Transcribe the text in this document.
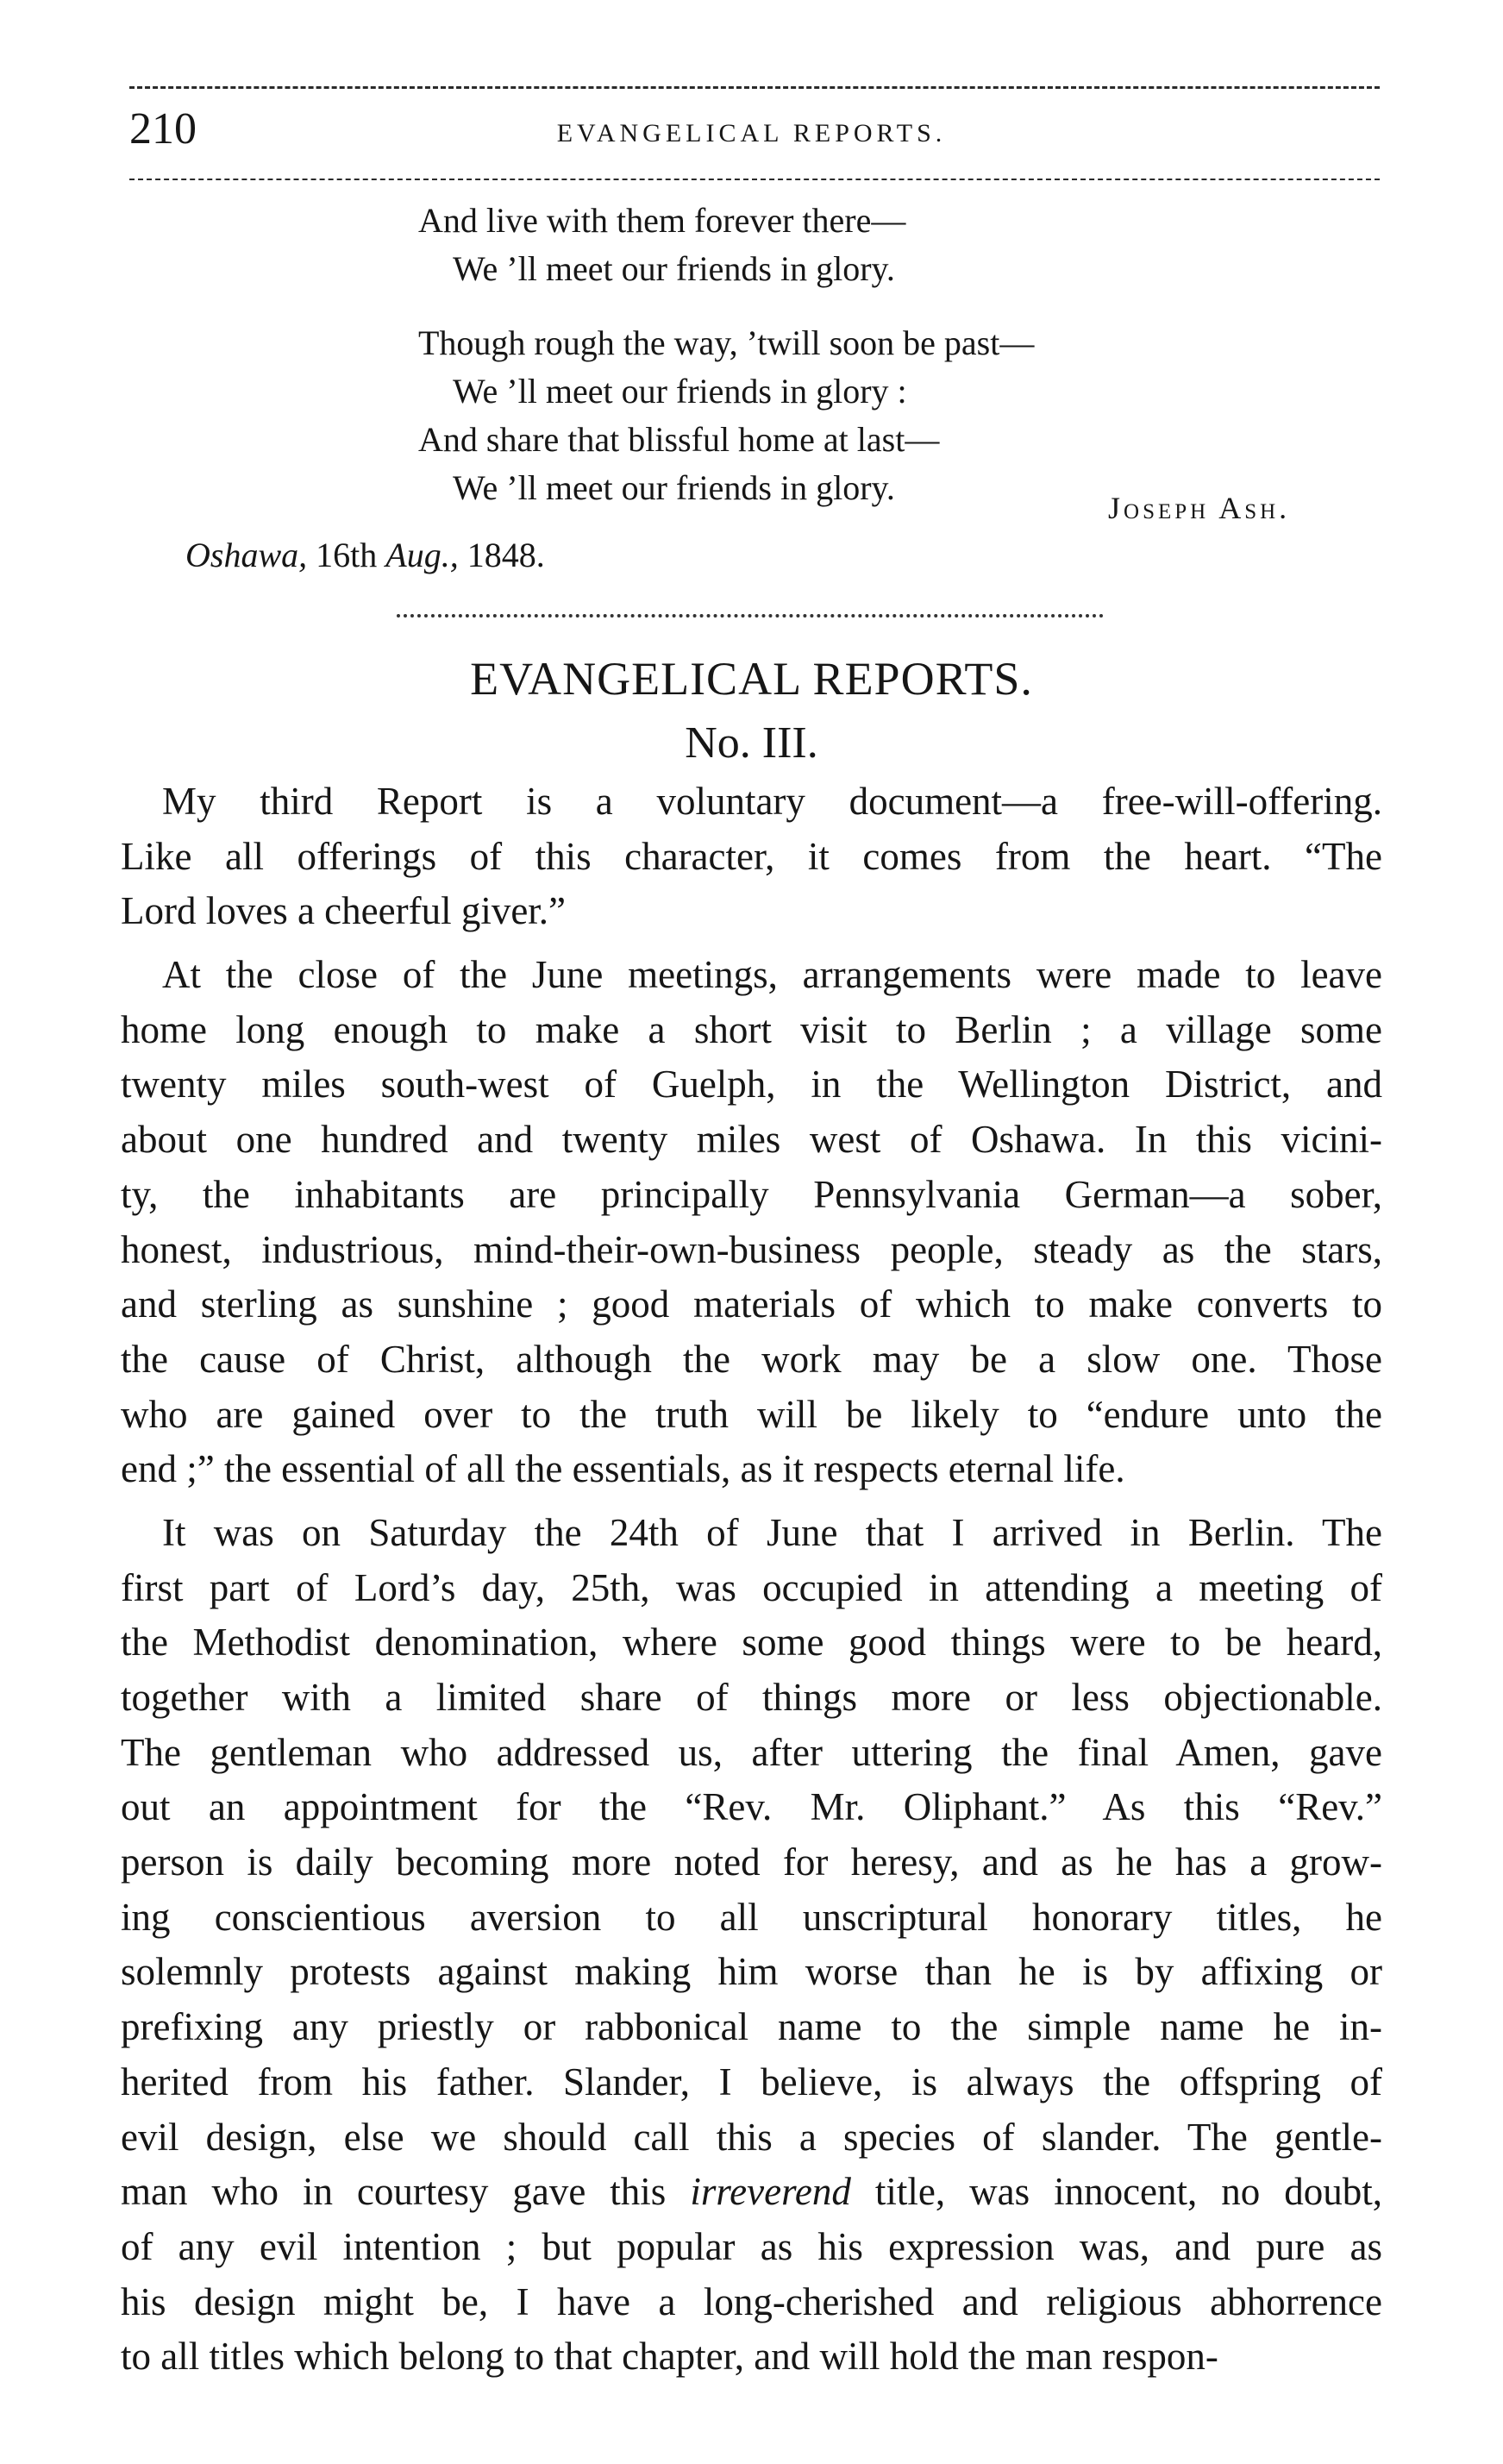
210	EVANGELICAL REPORTS.
And live with them forever there—
We ’ll meet our friends in glory.
Though rough the way, ’twill soon be past—
We ’ll meet our friends in glory :
And share that blissful home at last—
We ’ll meet our friends in glory.
Joseph Ash.
Oshawa, 16th Aug., 1848.
EVANGELICAL REPORTS.
No. III.
My third Report is a voluntary document—a free-will-offering.
Like all offerings of this character, it comes from the heart. “The
Lord loves a cheerful giver.”
At the close of the June meetings, arrangements were made to leave
home long enough to make a short visit to Berlin ; a village some
twenty miles south-west of Guelph, in the Wellington District, and
about one hundred and twenty miles west of Oshawa. In this vicini-
ty, the inhabitants are principally Pennsylvania German—a sober,
honest, industrious, mind-their-own-business people, steady as the stars,
and sterling as sunshine ; good materials of which to make converts to
the cause of Christ, although the work may be a slow one. Those
who are gained over to the truth will be likely to “endure unto the
end ;” the essential of all the essentials, as it respects eternal life.
It was on Saturday the 24th of June that I arrived in Berlin. The
first part of Lord’s day, 25th, was occupied in attending a meeting of
the Methodist denomination, where some good things were to be heard,
together with a limited share of things more or less objectionable.
The gentleman who addressed us, after uttering the final Amen, gave
out an appointment for the “Rev. Mr. Oliphant.” As this “Rev.”
person is daily becoming more noted for heresy, and as he has a grow-
ing conscientious aversion to all unscriptural honorary titles, he
solemnly protests against making him worse than he is by affixing or
prefixing any priestly or rabbonical name to the simple name he in-
herited from his father. Slander, I believe, is always the offspring of
evil design, else we should call this a species of slander. The gentle-
man who in courtesy gave this irreverend title, was innocent, no doubt,
of any evil intention ; but popular as his expression was, and pure as
his design might be, I have a long-cherished and religious abhorrence
to all titles which belong to that chapter, and will hold the man respon-
